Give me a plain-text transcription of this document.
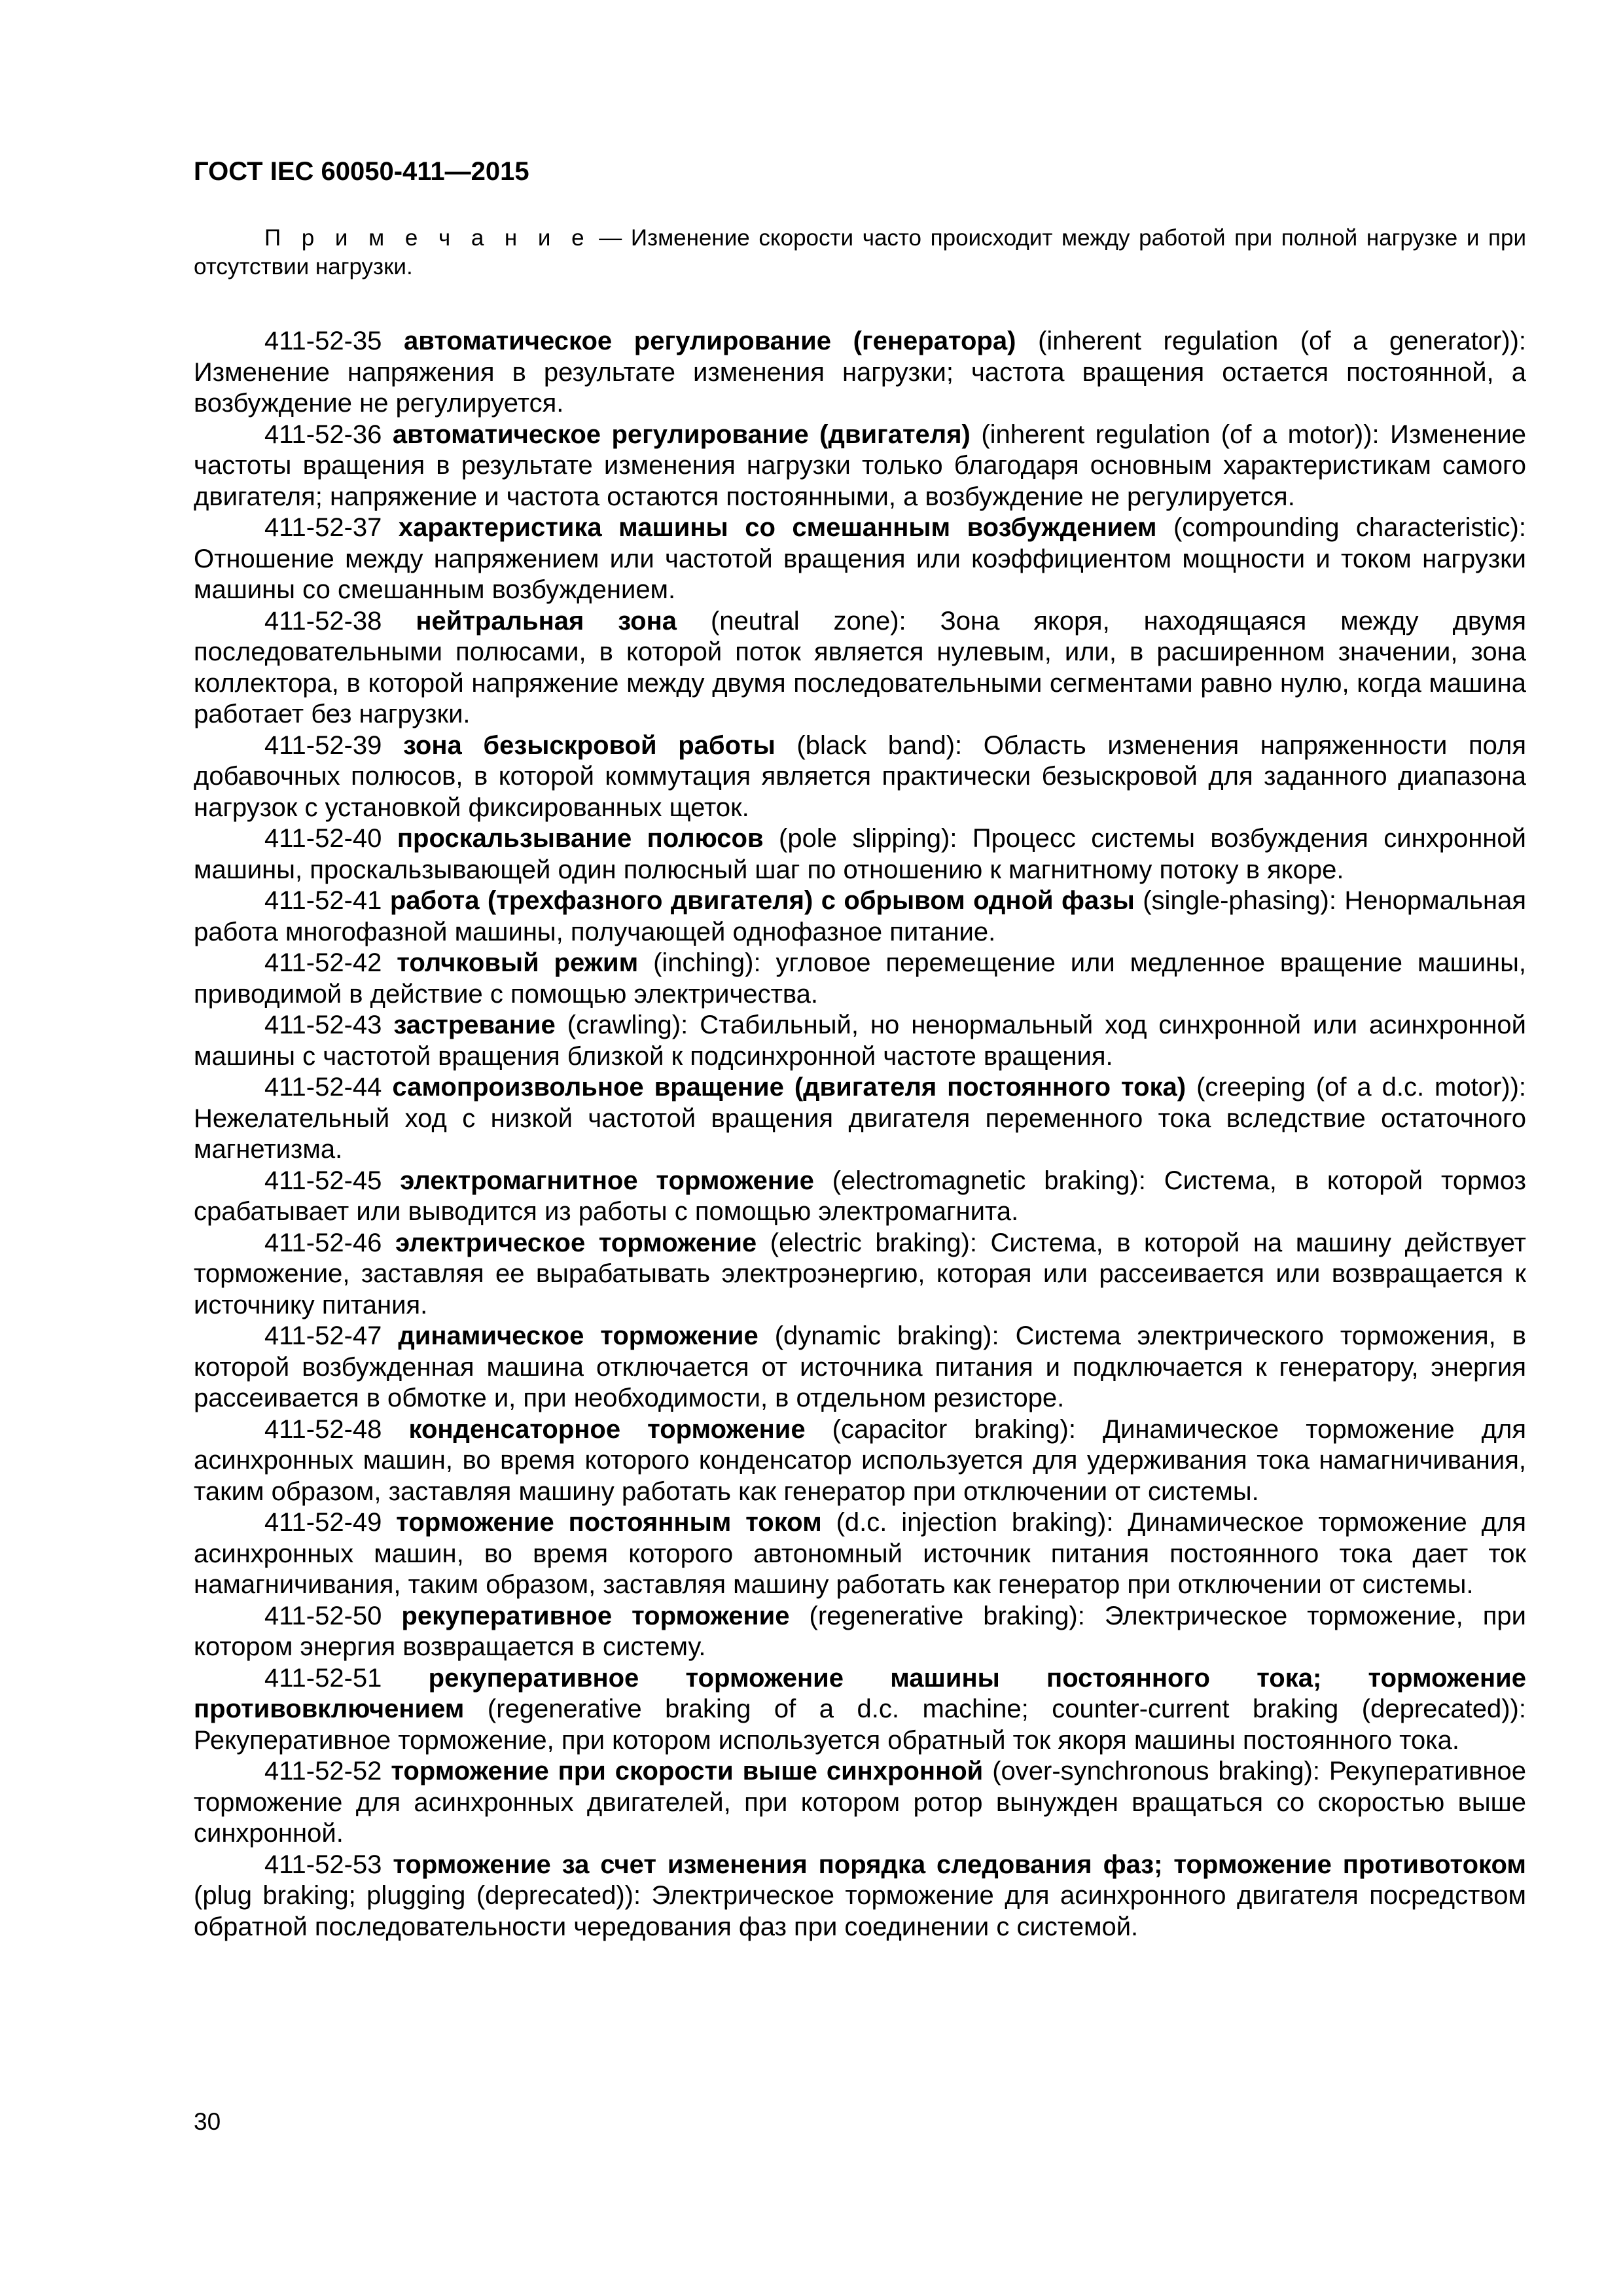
ГОСТ IEC 60050-411—2015

П р и м е ч а н и е — Изменение скорости часто происходит между работой при полной нагрузке и при отсутствии нагрузки.

411-52-35 автоматическое регулирование (генератора) (inherent regulation (of a generator)): Изменение напряжения в результате изменения нагрузки; частота вращения остается постоянной, а возбуждение не регулируется.

411-52-36 автоматическое регулирование (двигателя) (inherent regulation (of a motor)): Изменение частоты вращения в результате изменения нагрузки только благодаря основным характеристикам самого двигателя; напряжение и частота остаются постоянными, а возбуждение не регулируется.

411-52-37 характеристика машины со смешанным возбуждением (compounding characteristic): Отношение между напряжением или частотой вращения или коэффициентом мощности и током нагрузки машины со смешанным возбуждением.

411-52-38 нейтральная зона (neutral zone): Зона якоря, находящаяся между двумя последовательными полюсами, в которой поток является нулевым, или, в расширенном значении, зона коллектора, в которой напряжение между двумя последовательными сегментами равно нулю, когда машина работает без нагрузки.

411-52-39 зона безыскровой работы (black band): Область изменения напряженности поля добавочных полюсов, в которой коммутация является практически безыскровой для заданного диапазона нагрузок с установкой фиксированных щеток.

411-52-40 проскальзывание полюсов (pole slipping): Процесс системы возбуждения синхронной машины, проскальзывающей один полюсный шаг по отношению к магнитному потоку в якоре.

411-52-41 работа (трехфазного двигателя) с обрывом одной фазы (single-phasing): Ненормальная работа многофазной машины, получающей однофазное питание.

411-52-42 толчковый режим (inching): угловое перемещение или медленное вращение машины, приводимой в действие с помощью электричества.

411-52-43 застревание (crawling): Стабильный, но ненормальный ход синхронной или асинхронной машины с частотой вращения близкой к подсинхронной частоте вращения.

411-52-44 самопроизвольное вращение (двигателя постоянного тока) (creeping (of a d.c. motor)): Нежелательный ход с низкой частотой вращения двигателя переменного тока вследствие остаточного магнетизма.

411-52-45 электромагнитное торможение (electromagnetic braking): Система, в которой тормоз срабатывает или выводится из работы с помощью электромагнита.

411-52-46 электрическое торможение (electric braking): Система, в которой на машину действует торможение, заставляя ее вырабатывать электроэнергию, которая или рассеивается или возвращается к источнику питания.

411-52-47 динамическое торможение (dynamic braking): Система электрического торможения, в которой возбужденная машина отключается от источника питания и подключается к генератору, энергия рассеивается в обмотке и, при необходимости, в отдельном резисторе.

411-52-48 конденсаторное торможение (capacitor braking): Динамическое торможение для асинхронных машин, во время которого конденсатор используется для удерживания тока намагничивания, таким образом, заставляя машину работать как генератор при отключении от системы.

411-52-49 торможение постоянным током (d.c. injection braking): Динамическое торможение для асинхронных машин, во время которого автономный источник питания постоянного тока дает ток намагничивания, таким образом, заставляя машину работать как генератор при отключении от системы.

411-52-50 рекуперативное торможение (regenerative braking): Электрическое торможение, при котором энергия возвращается в систему.

411-52-51 рекуперативное торможение машины постоянного тока; торможение противовключением (regenerative braking of a d.c. machine; counter-current braking (deprecated)): Рекуперативное торможение, при котором используется обратный ток якоря машины постоянного тока.

411-52-52 торможение при скорости выше синхронной (over-synchronous braking): Рекуперативное торможение для асинхронных двигателей, при котором ротор вынужден вращаться со скоростью выше синхронной.

411-52-53 торможение за счет изменения порядка следования фаз; торможение противотоком (plug braking; plugging (deprecated)): Электрическое торможение для асинхронного двигателя посредством обратной последовательности чередования фаз при соединении с системой.

30
